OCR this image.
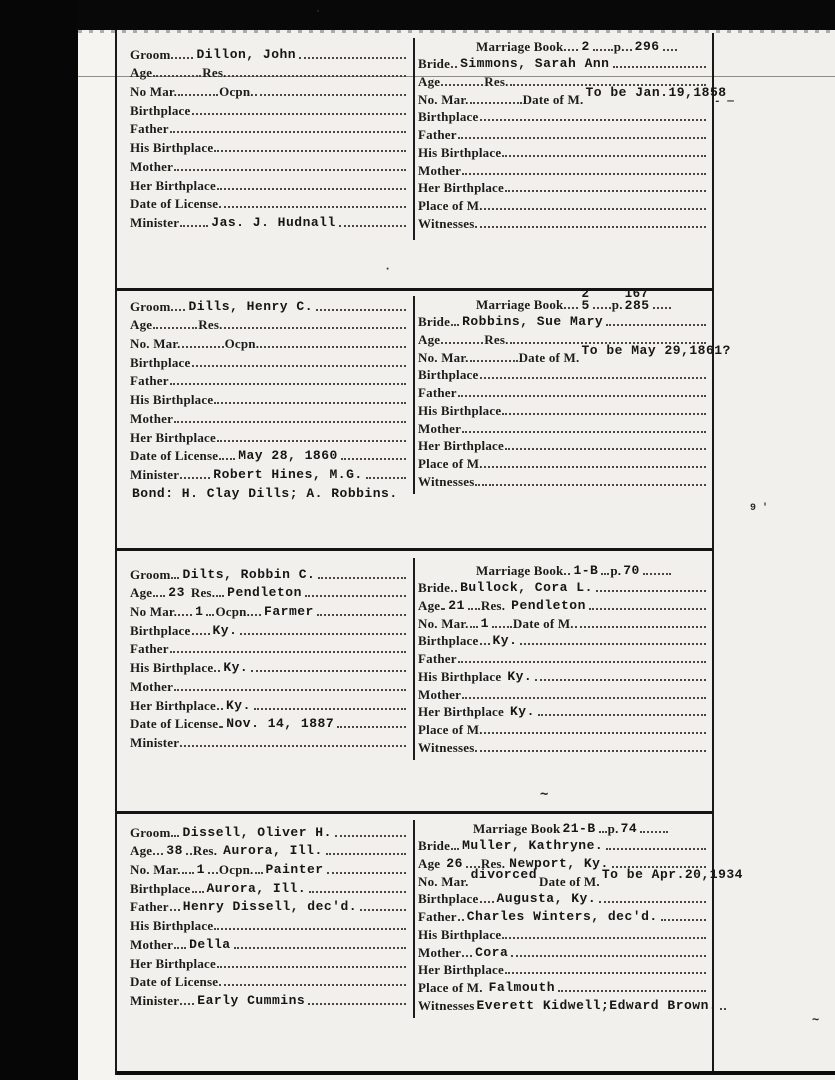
Groom Dillon, John
Age	Res.
No Mar.	Ocpn.
Birthplace
Father
His Birthplace
Mother
Her Birthplace
Date of License
Minister Jas. J. Hudnall
Marriage Book 2 p. 296
Bride Simmons, Sarah Ann
Age	Res.
No. Mar.	Date of M. To be Jan.19,1858
Birthplace
Father
His Birthplace
Mother
Her Birthplace
Place of M.
Witnesses
Groom Dills, Henry C.
Age	Res.
No. Mar.	Ocpn.
Birthplace
Father
His Birthplace
Mother
Her Birthplace
Date of License May 28, 1860
Minister	Robert Hines, M.G.
Bond: H. Clay Dills; A. Robbins.
Marriage Book
2
5 p.
167
285
Bride Robbins, Sue Mary
Age	Res.
No. Mar.	Date of M. To be May 29,1861?
Birthplace
Father
His Birthplace
Mother
Her Birthplace
Place of M.
Witnesses
Groom Dilts, Robbin C.
Age 23 Res. Pendleton
No Mar. 1 Ocpn. Farmer
Birthplace Ky.
Father
His Birthplace Ky.
Mother
Her Birthplace Ky.
Date of License Nov. 14, 1887
Minister
Marriage Book 1-B p. 70
Bride Bullock, Cora L.
Age 21 Res. Pendleton
No. Mar. 1 Date of M.
Birthplace Ky.
Father
His Birthplace Ky.
Mother
Her Birthplace Ky.
Place of M.
Witnesses
Groom Dissell, Oliver H.
Age 38 Res. Aurora, Ill.
No. Mar. 1 Ocpn. Painter
Birthplace Aurora, Ill.
Father Henry Dissell, dec'd.
His Birthplace
Mother Della
Her Birthplace
Date of License
Minister Early Cummins
Marriage Book 21-B p. 74
Bride Muller, Kathryne.
Age 26 Res. Newport, Ky.
No. Mar. divorced Date of M. To be Apr.20,1934
Birthplace Augusta, Ky.
Father Charles Winters, dec'd.
His Birthplace
Mother Cora
Her Birthplace
Place of M. Falmouth
Witnesses Everett Kidwell;Edward Brown.
- —
·
9 '
∼
∼
▪
